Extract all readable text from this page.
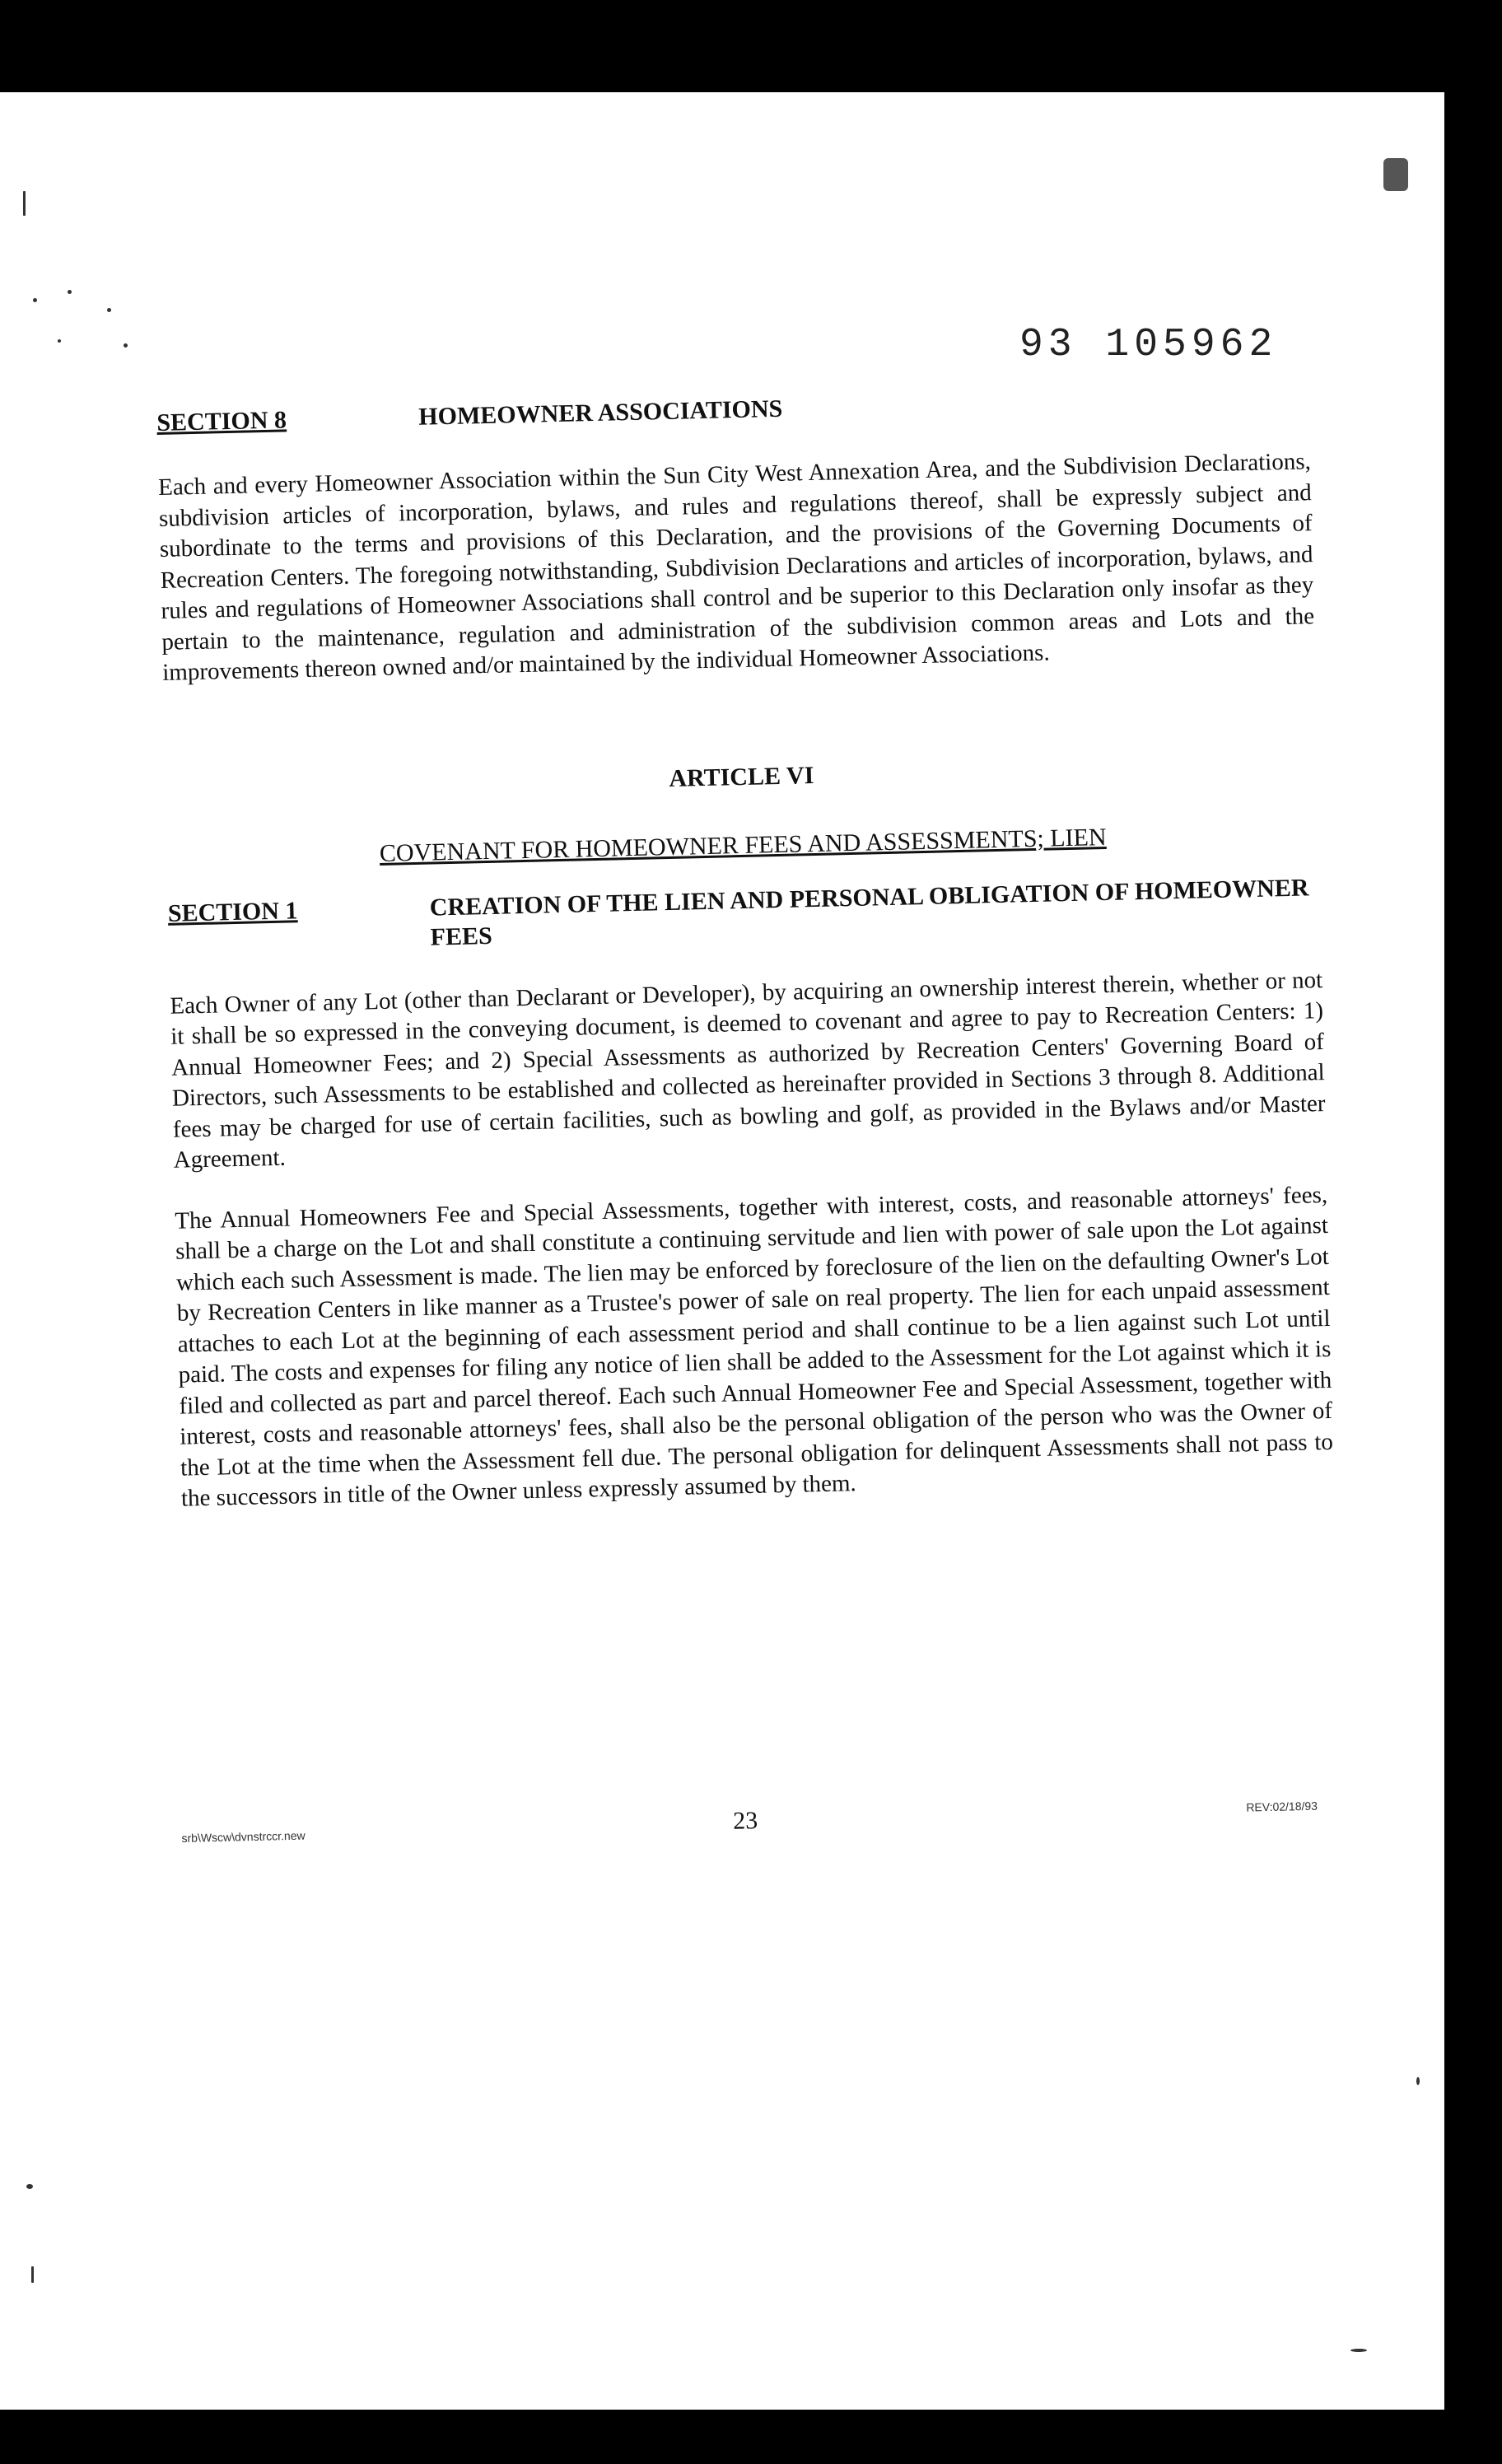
93 105962
SECTION 8	HOMEOWNER ASSOCIATIONS

Each and every Homeowner Association within the Sun City West Annexation Area, and the Subdivision Declarations, subdivision articles of incorporation, bylaws, and rules and regulations thereof, shall be expressly subject and subordinate to the terms and provisions of this Declaration, and the provisions of the Governing Documents of Recreation Centers. The foregoing notwithstanding, Subdivision Declarations and articles of incorporation, bylaws, and rules and regulations of Homeowner Associations shall control and be superior to this Declaration only insofar as they pertain to the maintenance, regulation and administration of the subdivision common areas and Lots and the improvements thereon owned and/or maintained by the individual Homeowner Associations.

ARTICLE VI

COVENANT FOR HOMEOWNER FEES AND ASSESSMENTS; LIEN

SECTION 1	CREATION OF THE LIEN AND PERSONAL OBLIGATION OF HOMEOWNER FEES

Each Owner of any Lot (other than Declarant or Developer), by acquiring an ownership interest therein, whether or not it shall be so expressed in the conveying document, is deemed to covenant and agree to pay to Recreation Centers: 1) Annual Homeowner Fees; and 2) Special Assessments as authorized by Recreation Centers' Governing Board of Directors, such Assessments to be established and collected as hereinafter provided in Sections 3 through 8. Additional fees may be charged for use of certain facilities, such as bowling and golf, as provided in the Bylaws and/or Master Agreement.

The Annual Homeowners Fee and Special Assessments, together with interest, costs, and reasonable attorneys' fees, shall be a charge on the Lot and shall constitute a continuing servitude and lien with power of sale upon the Lot against which each such Assessment is made. The lien may be enforced by foreclosure of the lien on the defaulting Owner's Lot by Recreation Centers in like manner as a Trustee's power of sale on real property. The lien for each unpaid assessment attaches to each Lot at the beginning of each assessment period and shall continue to be a lien against such Lot until paid. The costs and expenses for filing any notice of lien shall be added to the Assessment for the Lot against which it is filed and collected as part and parcel thereof. Each such Annual Homeowner Fee and Special Assessment, together with interest, costs and reasonable attorneys' fees, shall also be the personal obligation of the person who was the Owner of the Lot at the time when the Assessment fell due. The personal obligation for delinquent Assessments shall not pass to the successors in title of the Owner unless expressly assumed by them.

srb\Wscw\dvnstrccr.new
23
REV:02/18/93
